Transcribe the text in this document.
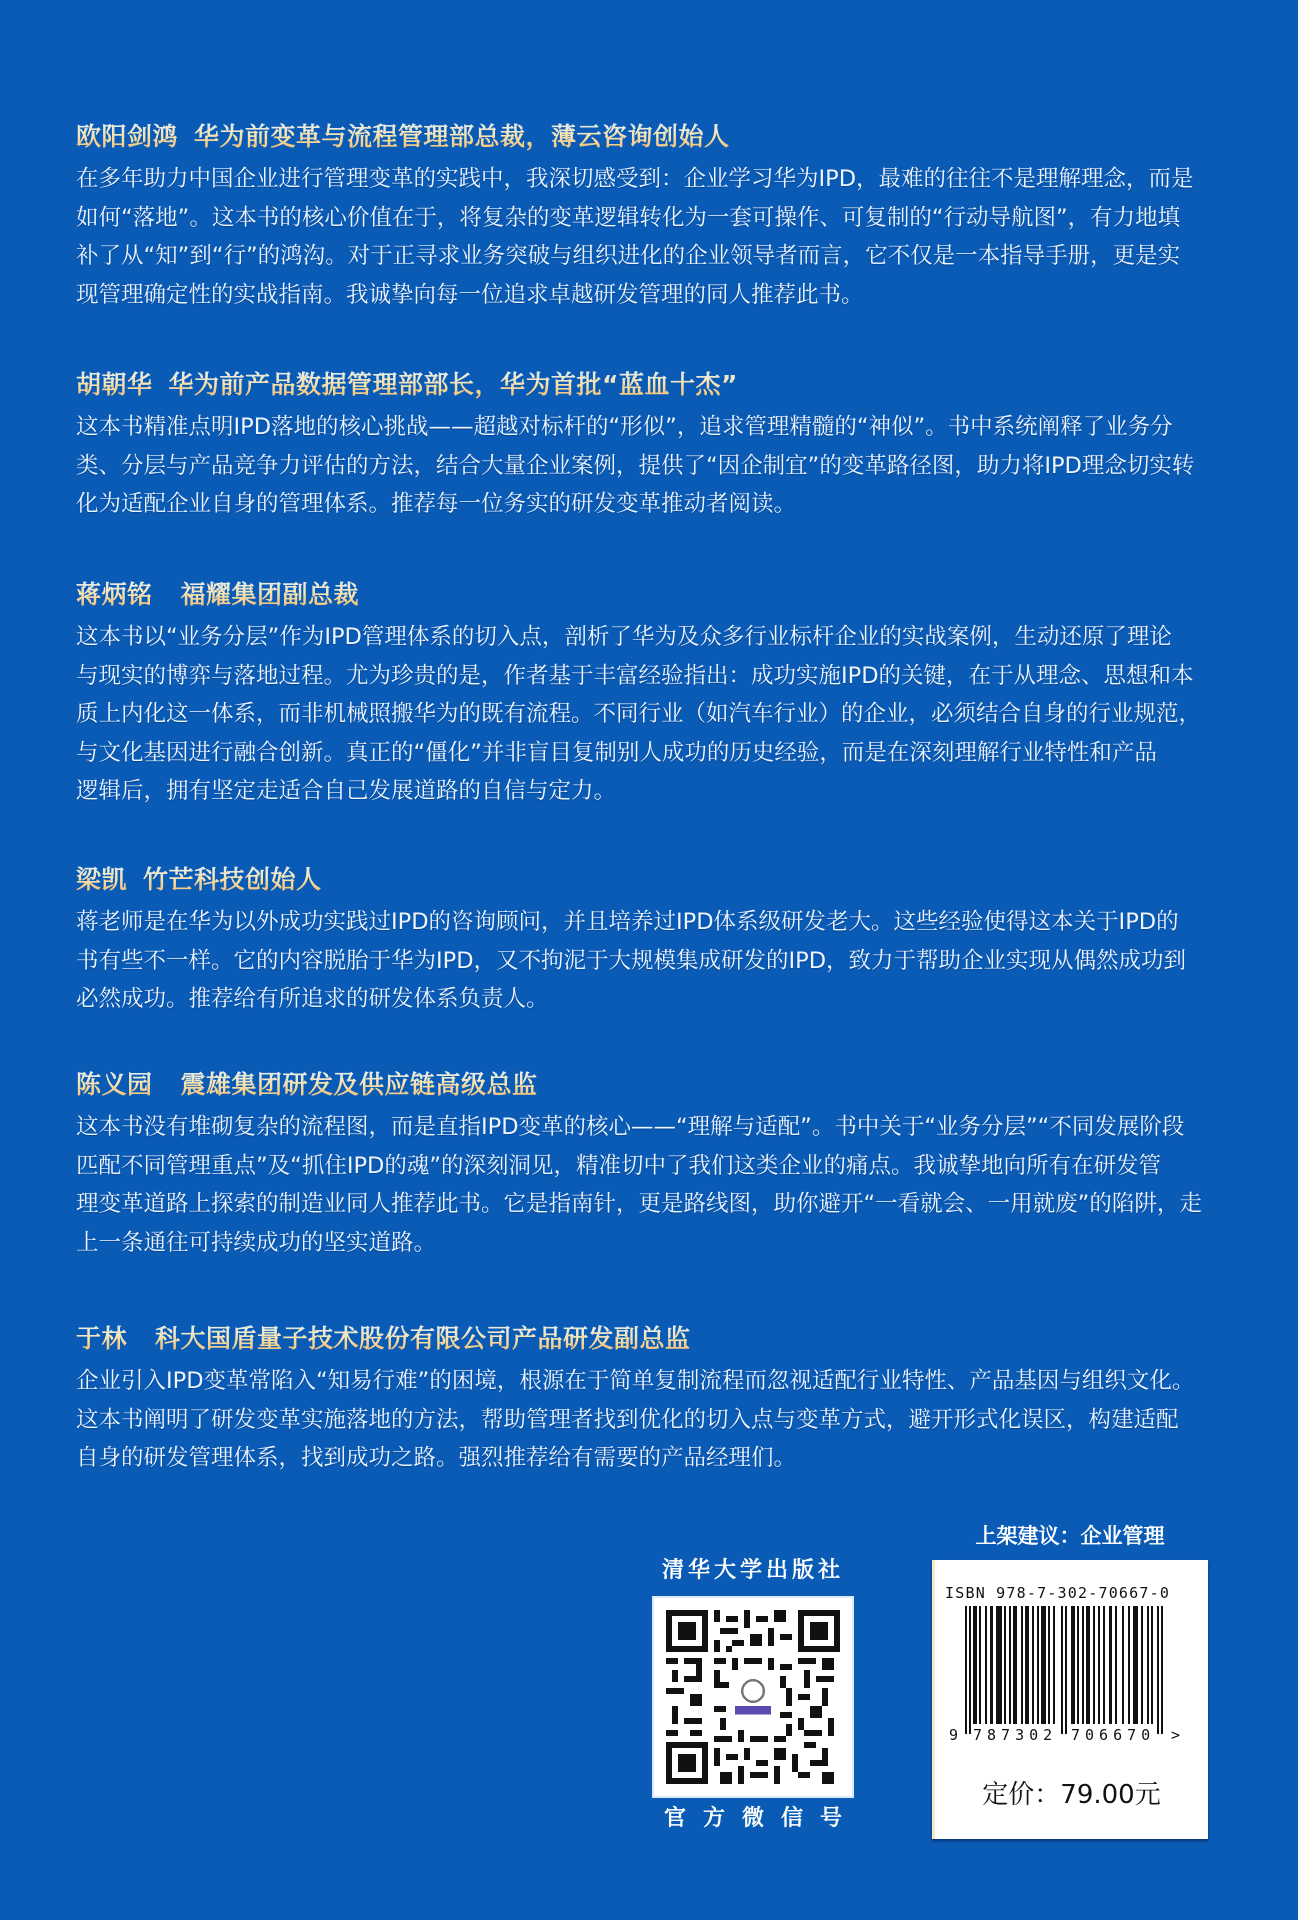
欧阳剑鸿 华为前变革与流程管理部总裁，薄云咨询创始人
在多年助力中国企业进行管理变革的实践中，我深切感受到：企业学习华为IPD，最难的往往不是理解理念，而是
如何“落地”。这本书的核心价值在于，将复杂的变革逻辑转化为一套可操作、可复制的“行动导航图”，有力地填
补了从“知”到“行”的鸿沟。对于正寻求业务突破与组织进化的企业领导者而言，它不仅是一本指导手册，更是实
现管理确定性的实战指南。我诚挚向每一位追求卓越研发管理的同人推荐此书。
胡朝华 华为前产品数据管理部部长，华为首批“蓝血十杰”
这本书精准点明IPD落地的核心挑战——超越对标杆的“形似”，追求管理精髓的“神似”。书中系统阐释了业务分
类、分层与产品竞争力评估的方法，结合大量企业案例，提供了“因企制宜”的变革路径图，助力将IPD理念切实转
化为适配企业自身的管理体系。推荐每一位务实的研发变革推动者阅读。
蒋炳铭 福耀集团副总裁
这本书以“业务分层”作为IPD管理体系的切入点，剖析了华为及众多行业标杆企业的实战案例，生动还原了理论
与现实的博弈与落地过程。尤为珍贵的是，作者基于丰富经验指出：成功实施IPD的关键，在于从理念、思想和本
质上内化这一体系，而非机械照搬华为的既有流程。不同行业（如汽车行业）的企业，必须结合自身的行业规范，
与文化基因进行融合创新。真正的“僵化”并非盲目复制别人成功的历史经验，而是在深刻理解行业特性和产品
逻辑后，拥有坚定走适合自己发展道路的自信与定力。
梁凯 竹芒科技创始人
蒋老师是在华为以外成功实践过IPD的咨询顾问，并且培养过IPD体系级研发老大。这些经验使得这本关于IPD的
书有些不一样。它的内容脱胎于华为IPD，又不拘泥于大规模集成研发的IPD，致力于帮助企业实现从偶然成功到
必然成功。推荐给有所追求的研发体系负责人。
陈义园 震雄集团研发及供应链高级总监
这本书没有堆砌复杂的流程图，而是直指IPD变革的核心——“理解与适配”。书中关于“业务分层”“不同发展阶段
匹配不同管理重点”及“抓住IPD的魂”的深刻洞见，精准切中了我们这类企业的痛点。我诚挚地向所有在研发管
理变革道路上探索的制造业同人推荐此书。它是指南针，更是路线图，助你避开“一看就会、一用就废”的陷阱，走
上一条通往可持续成功的坚实道路。
于林 科大国盾量子技术股份有限公司产品研发副总监
企业引入IPD变革常陷入“知易行难”的困境，根源在于简单复制流程而忽视适配行业特性、产品基因与组织文化。
这本书阐明了研发变革实施落地的方法，帮助管理者找到优化的切入点与变革方式，避开形式化误区，构建适配
自身的研发管理体系，找到成功之路。强烈推荐给有需要的产品经理们。
清华大学出版社
官方微信号
上架建议：企业管理
ISBN 978-7-302-70667-0
9 787302 706670 >
定价：79.00元
